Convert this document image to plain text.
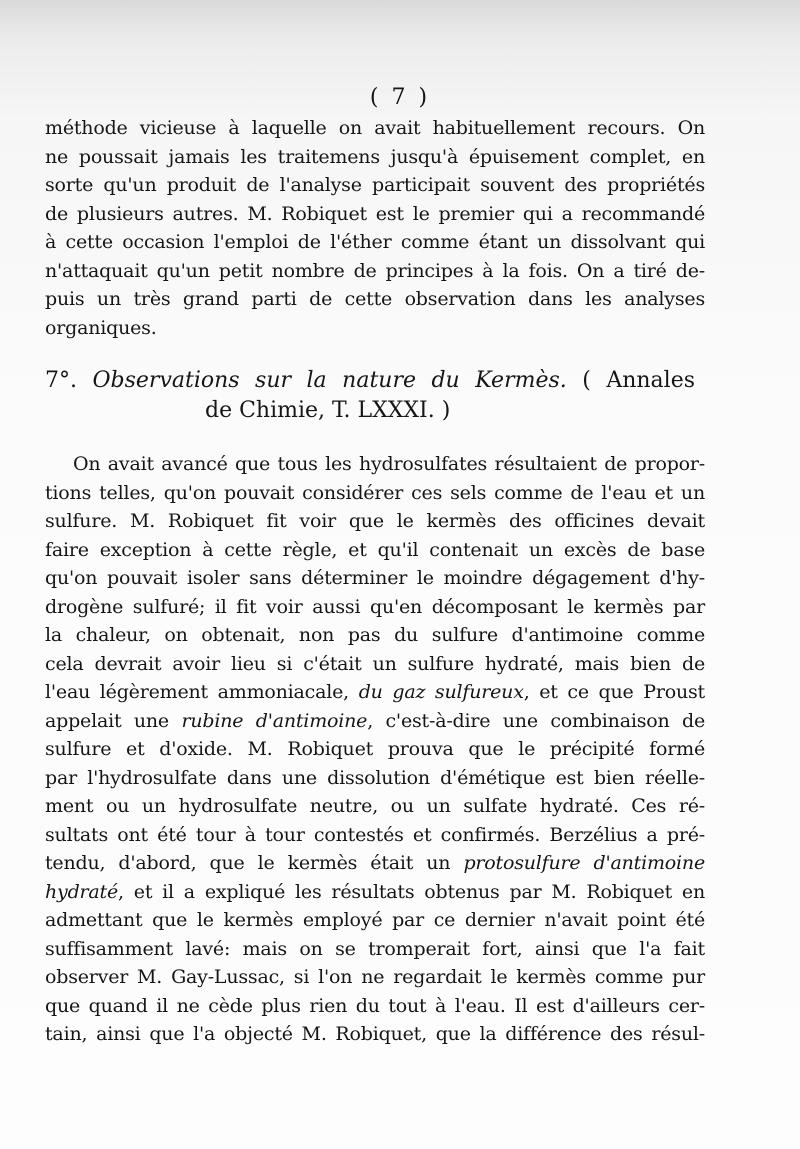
( 7 )
méthode vicieuse à laquelle on avait habituellement recours. On
ne poussait jamais les traitemens jusqu'à épuisement complet, en
sorte qu'un produit de l'analyse participait souvent des propriétés
de plusieurs autres. M. Robiquet est le premier qui a recommandé
à cette occasion l'emploi de l'éther comme étant un dissolvant qui
n'attaquait qu'un petit nombre de principes à la fois. On a tiré de-
puis un très grand parti de cette observation dans les analyses
organiques.
7°. Observations sur la nature du Kermès. ( Annales
de Chimie, T. LXXXI. )
On avait avancé que tous les hydrosulfates résultaient de propor-
tions telles, qu'on pouvait considérer ces sels comme de l'eau et un
sulfure. M. Robiquet fit voir que le kermès des officines devait
faire exception à cette règle, et qu'il contenait un excès de base
qu'on pouvait isoler sans déterminer le moindre dégagement d'hy-
drogène sulfuré; il fit voir aussi qu'en décomposant le kermès par
la chaleur, on obtenait, non pas du sulfure d'antimoine comme
cela devrait avoir lieu si c'était un sulfure hydraté, mais bien de
l'eau légèrement ammoniacale, du gaz sulfureux, et ce que Proust
appelait une rubine d'antimoine, c'est-à-dire une combinaison de
sulfure et d'oxide. M. Robiquet prouva que le précipité formé
par l'hydrosulfate dans une dissolution d'émétique est bien réelle-
ment ou un hydrosulfate neutre, ou un sulfate hydraté. Ces ré-
sultats ont été tour à tour contestés et confirmés. Berzélius a pré-
tendu, d'abord, que le kermès était un protosulfure d'antimoine
hydraté, et il a expliqué les résultats obtenus par M. Robiquet en
admettant que le kermès employé par ce dernier n'avait point été
suffisamment lavé: mais on se tromperait fort, ainsi que l'a fait
observer M. Gay-Lussac, si l'on ne regardait le kermès comme pur
que quand il ne cède plus rien du tout à l'eau. Il est d'ailleurs cer-
tain, ainsi que l'a objecté M. Robiquet, que la différence des résul-
